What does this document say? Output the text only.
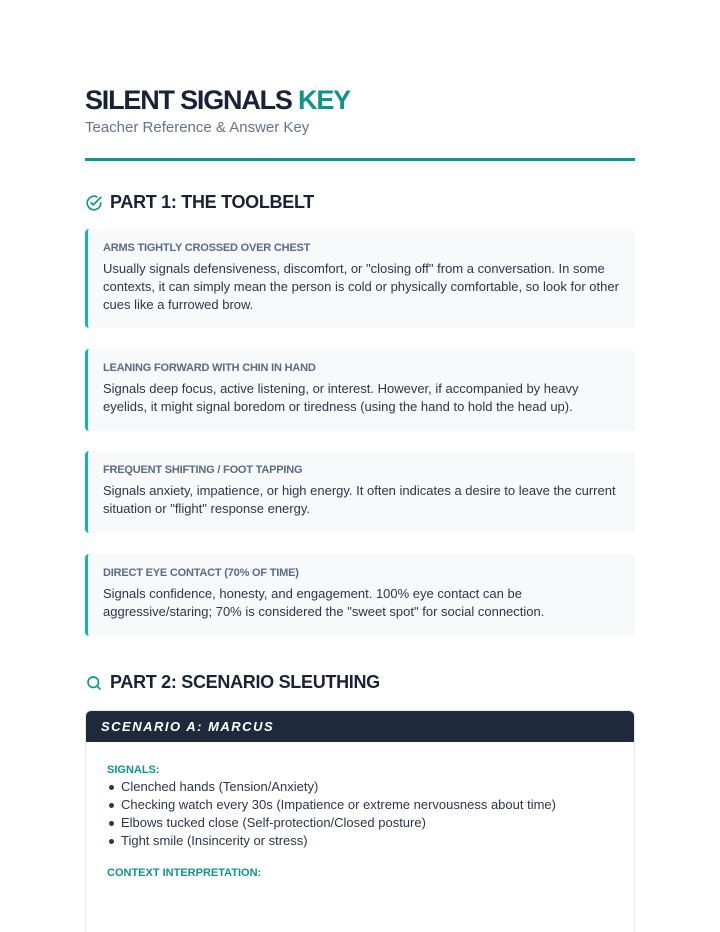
SILENT SIGNALS KEY
Teacher Reference & Answer Key
PART 1: THE TOOLBELT
ARMS TIGHTLY CROSSED OVER CHEST
Usually signals defensiveness, discomfort, or "closing off" from a conversation. In some contexts, it can simply mean the person is cold or physically comfortable, so look for other cues like a furrowed brow.
LEANING FORWARD WITH CHIN IN HAND
Signals deep focus, active listening, or interest. However, if accompanied by heavy eyelids, it might signal boredom or tiredness (using the hand to hold the head up).
FREQUENT SHIFTING / FOOT TAPPING
Signals anxiety, impatience, or high energy. It often indicates a desire to leave the current situation or "flight" response energy.
DIRECT EYE CONTACT (70% OF TIME)
Signals confidence, honesty, and engagement. 100% eye contact can be aggressive/staring; 70% is considered the "sweet spot" for social connection.
PART 2: SCENARIO SLEUTHING
SCENARIO A: MARCUS
SIGNALS:
Clenched hands (Tension/Anxiety)
Checking watch every 30s (Impatience or extreme nervousness about time)
Elbows tucked close (Self-protection/Closed posture)
Tight smile (Insincerity or stress)
CONTEXT INTERPRETATION:
